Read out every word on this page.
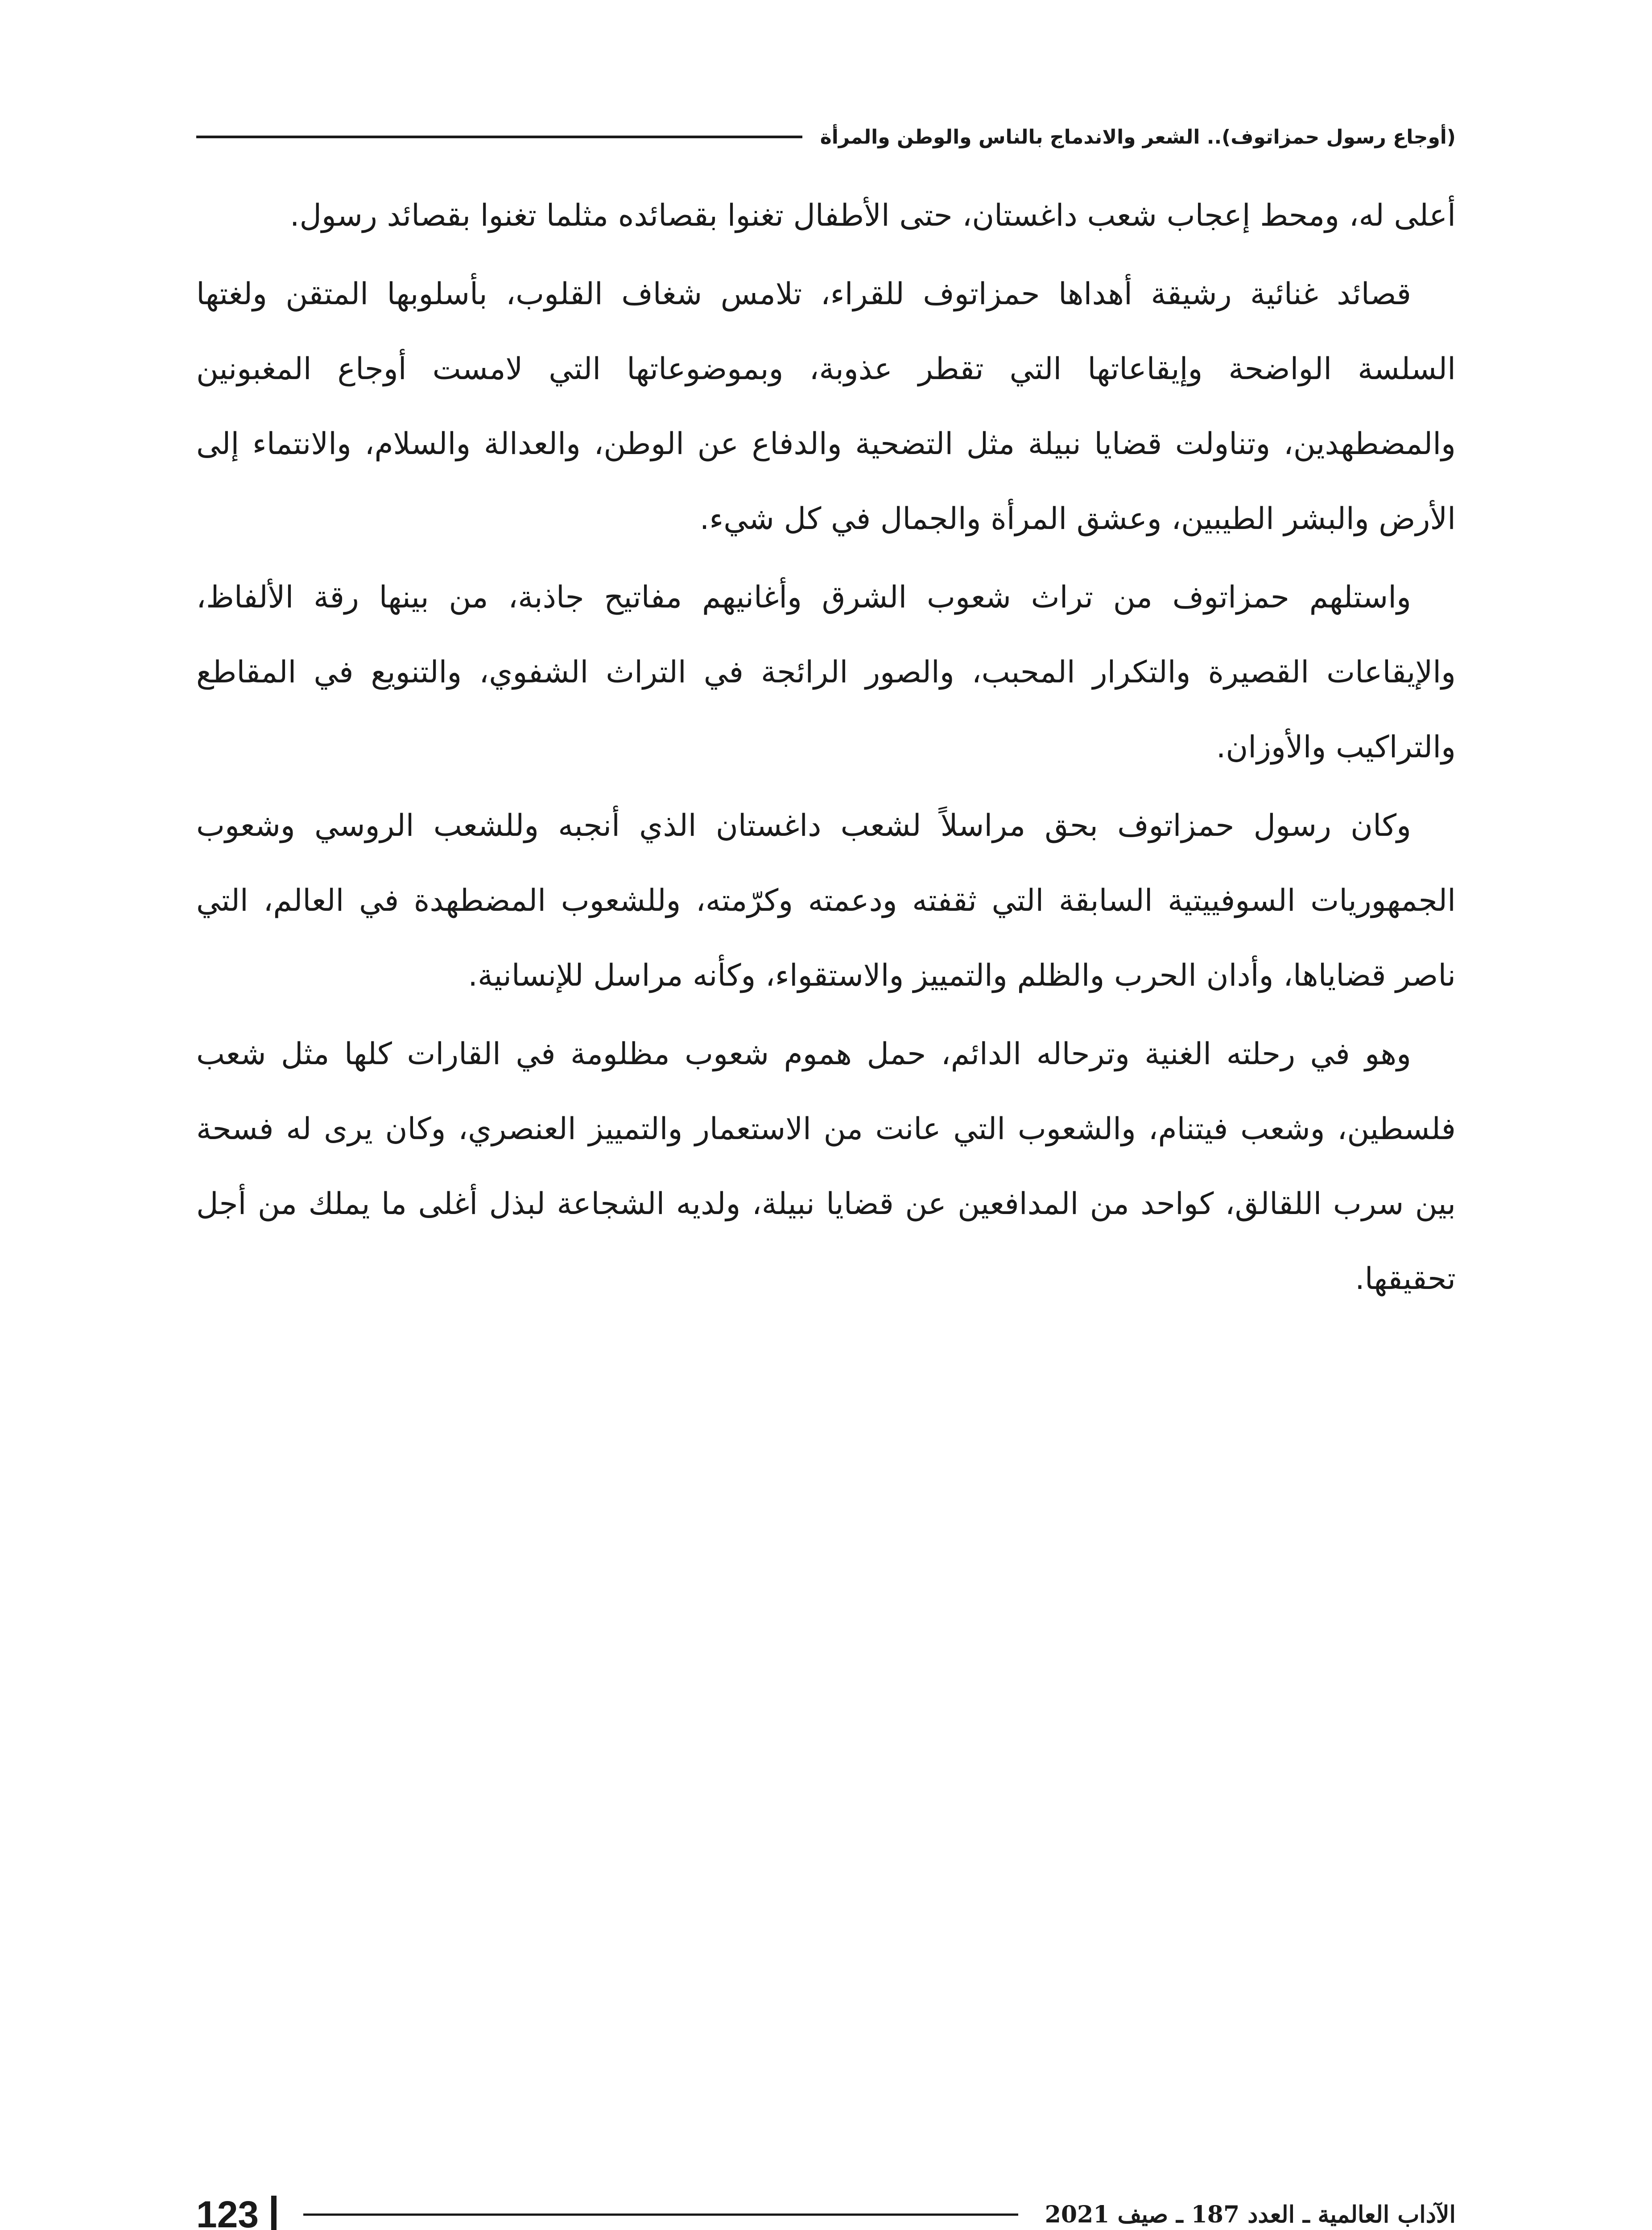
(أوجاع رسول حمزاتوف).. الشعر والاندماج بالناس والوطن والمرأة

أعلى له، ومحط إعجاب شعب داغستان، حتى الأطفال تغنوا بقصائده مثلما تغنوا بقصائد رسول.

قصائد غنائية رشيقة أهداها حمزاتوف للقراء، تلامس شغاف القلوب، بأسلوبها المتقن ولغتها السلسة الواضحة وإيقاعاتها التي تقطر عذوبة، وبموضوعاتها التي لامست أوجاع المغبونين والمضطهدين، وتناولت قضايا نبيلة مثل التضحية والدفاع عن الوطن، والعدالة والسلام، والانتماء إلى الأرض والبشر الطيبين، وعشق المرأة والجمال في كل شيء.

واستلهم حمزاتوف من تراث شعوب الشرق وأغانيهم مفاتيح جاذبة، من بينها رقة الألفاظ، والإيقاعات القصيرة والتكرار المحبب، والصور الرائجة في التراث الشفوي، والتنويع في المقاطع والتراكيب والأوزان.

وكان رسول حمزاتوف بحق مراسلاً لشعب داغستان الذي أنجبه وللشعب الروسي وشعوب الجمهوريات السوفييتية السابقة التي ثقفته ودعمته وكرّمته، وللشعوب المضطهدة في العالم، التي ناصر قضاياها، وأدان الحرب والظلم والتمييز والاستقواء، وكأنه مراسل للإنسانية.

وهو في رحلته الغنية وترحاله الدائم، حمل هموم شعوب مظلومة في القارات كلها مثل شعب فلسطين، وشعب فيتنام، والشعوب التي عانت من الاستعمار والتمييز العنصري، وكان يرى له فسحة بين سرب اللقالق، كواحد من المدافعين عن قضايا نبيلة، ولديه الشجاعة لبذل أغلى ما يملك من أجل تحقيقها.

الآداب العالمية ـ العدد 187 ـ صيف 2021
123
